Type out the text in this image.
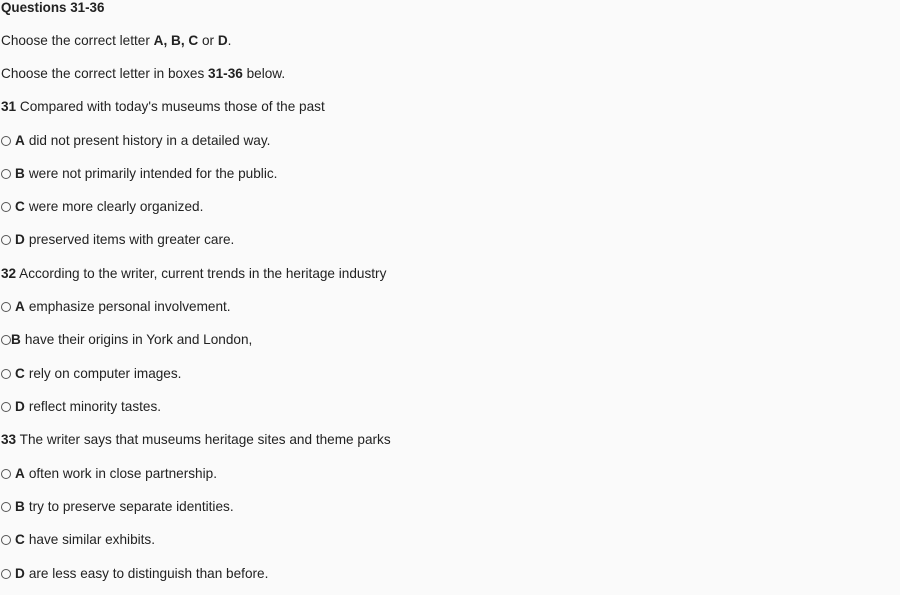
Questions 31-36
Choose the correct letter A, B, C or D.
Choose the correct letter in boxes 31-36 below.
31 Compared with today's museums those of the past
A did not present history in a detailed way.
B were not primarily intended for the public.
C were more clearly organized.
D preserved items with greater care.
32 According to the writer, current trends in the heritage industry
A emphasize personal involvement.
B have their origins in York and London,
C rely on computer images.
D reflect minority tastes.
33 The writer says that museums heritage sites and theme parks
A often work in close partnership.
B try to preserve separate identities.
C have similar exhibits.
D are less easy to distinguish than before.
